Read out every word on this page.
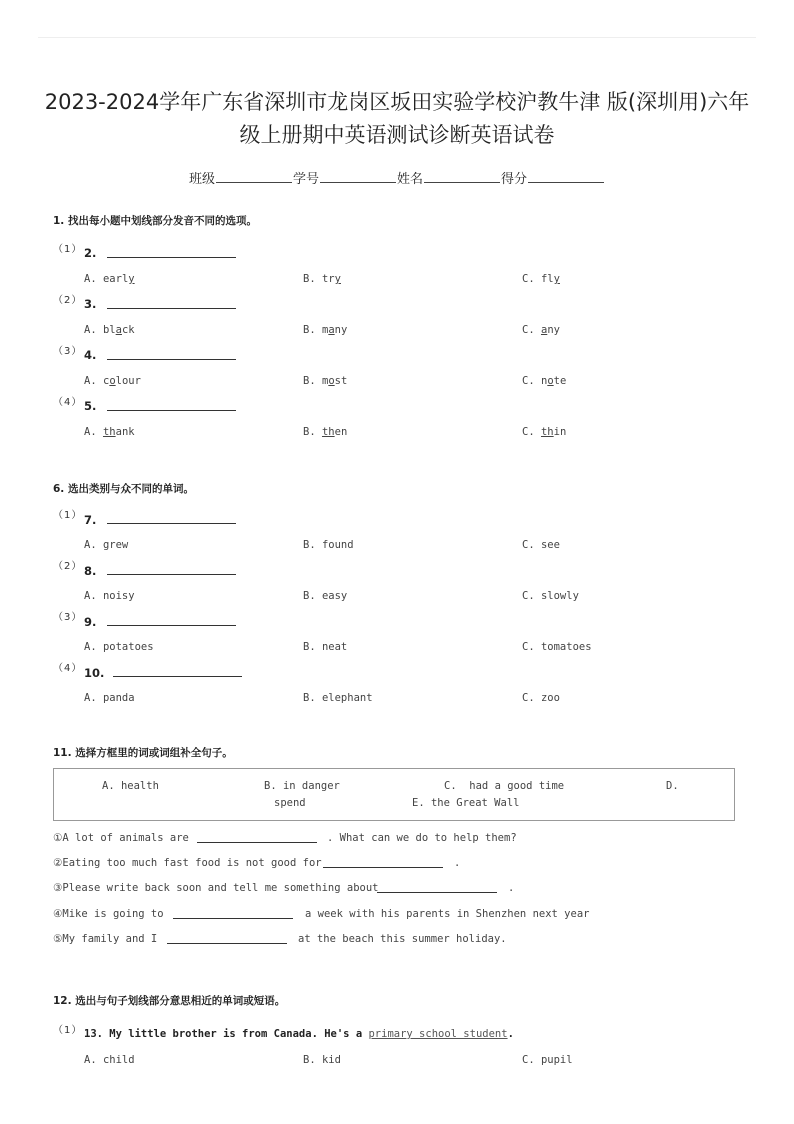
2023-2024学年广东省深圳市龙岗区坂田实验学校沪教牛津 版(深圳用)六年
级上册期中英语测试诊断英语试卷
班级	学号	姓名	得分
1. 找出每小题中划线部分发音不同的选项。
（1） 2.
A. early	B. try	C. fly
（2） 3.
A. black	B. many	C. any
（3） 4.
A. colour	B. most	C. note
（4） 5.
A. thank	B. then	C. thin
6. 选出类别与众不同的单词。
（1） 7.
A. grew	B. found	C. see
（2） 8.
A. noisy	B. easy	C. slowly
（3） 9.
A. potatoes	B. neat	C. tomatoes
（4） 10.
A. panda	B. elephant	C. zoo
11. 选择方框里的词或词组补全句子。
A. health	B. in danger	C.  had a good time	D.
spend	E. the Great Wall
①A lot of animals are	. What can we do to help them?
②Eating too much fast food is not good for	.
③Please write back soon and tell me something about	.
④Mike is going to	a week with his parents in Shenzhen next year
⑤My family and I	at the beach this summer holiday.
12. 选出与句子划线部分意思相近的单词或短语。
（1） 13. My little brother is from Canada. He's a primary school student.
A. child	B. kid	C. pupil
